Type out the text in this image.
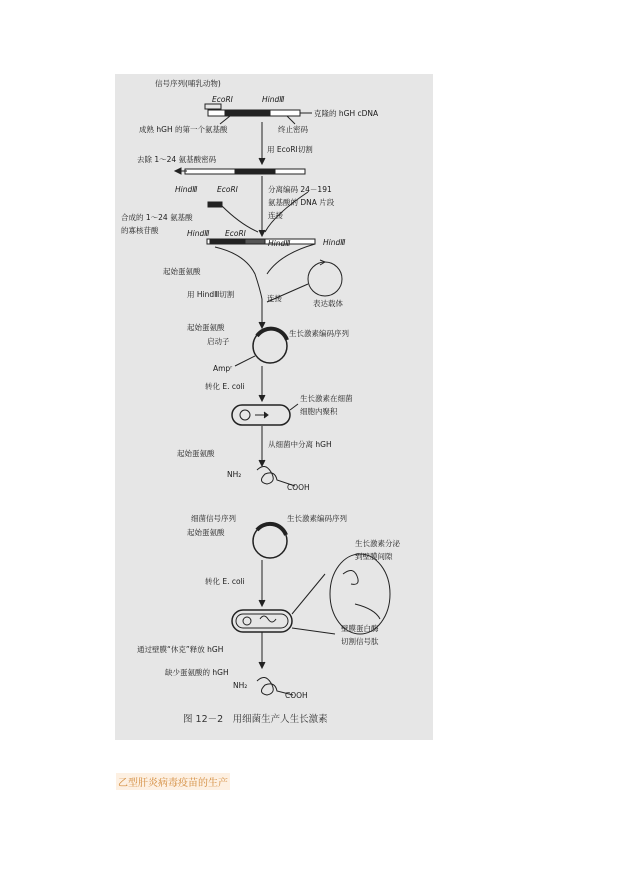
信号序列(哺乳动物)
EcoRⅠ	HindⅢ
克隆的 hGH cDNA
成熟 hGH 的第一个氨基酸	终止密码
用 EcoRⅠ切割
去除 1～24 氨基酸密码
HindⅢ	EcoRⅠ	分离编码 24－191
氨基酸的 DNA 片段
连接
合成的 1～24 氨基酸
的寡核苷酸	HindⅢ EcoRⅠ
HindⅢ	HindⅢ
起始蛋氨酸
用 HindⅢ切割	连接
表达载体
起始蛋氨酸
生长激素编码序列
启动子
Ampʳ
转化 E. coli
生长激素在细菌
细胞内聚积
从细菌中分离 hGH
起始蛋氨酸
NH₂
COOH
细菌信号序列
起始蛋氨酸
生长激素编码序列
生长激素分泌
到壁膜间隙
转化 E. coli
壁膜蛋白酶
切割信号肽
通过壁膜“休克”释放 hGH
缺少蛋氨酸的 hGH
NH₂
COOH
图 12－2　用细菌生产人生长激素
乙型肝炎病毒疫苗的生产
